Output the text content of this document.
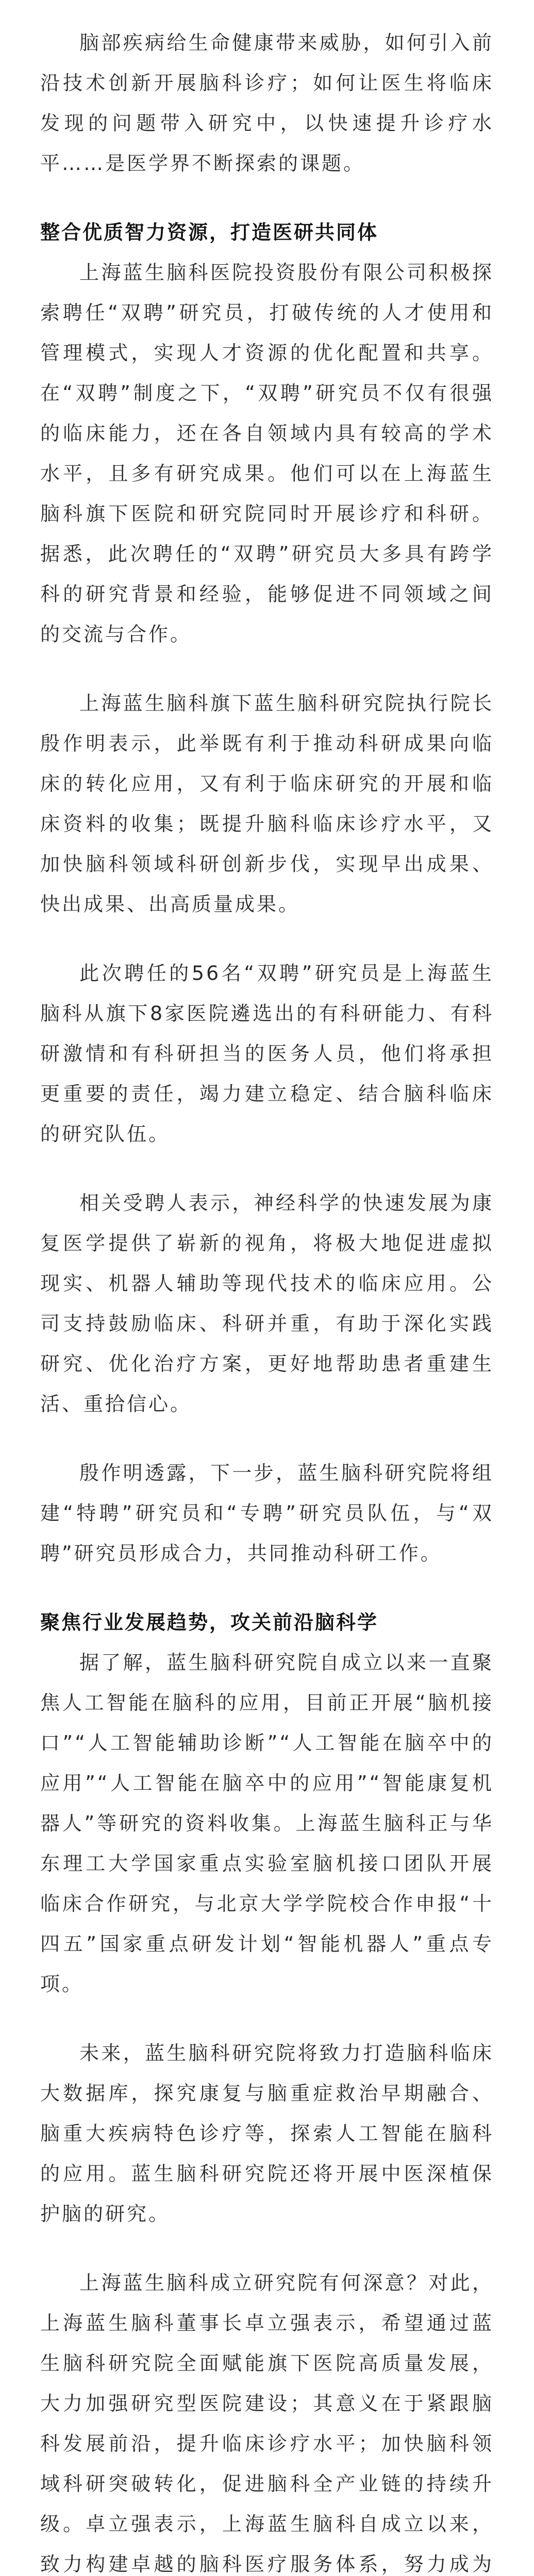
脑部疾病给生命健康带来威胁，如何引入前沿技术创新开展脑科诊疗；如何让医生将临床发现的问题带入研究中，以快速提升诊疗水平……是医学界不断探索的课题。

整合优质智力资源，打造医研共同体

上海蓝生脑科医院投资股份有限公司积极探索聘任“双聘”研究员，打破传统的人才使用和管理模式，实现人才资源的优化配置和共享。在“双聘”制度之下，“双聘”研究员不仅有很强的临床能力，还在各自领域内具有较高的学术水平，且多有研究成果。他们可以在上海蓝生脑科旗下医院和研究院同时开展诊疗和科研。据悉，此次聘任的“双聘”研究员大多具有跨学科的研究背景和经验，能够促进不同领域之间的交流与合作。

上海蓝生脑科旗下蓝生脑科研究院执行院长殷作明表示，此举既有利于推动科研成果向临床的转化应用，又有利于临床研究的开展和临床资料的收集；既提升脑科临床诊疗水平，又加快脑科领域科研创新步伐，实现早出成果、快出成果、出高质量成果。

此次聘任的56名“双聘”研究员是上海蓝生脑科从旗下8家医院遴选出的有科研能力、有科研激情和有科研担当的医务人员，他们将承担更重要的责任，竭力建立稳定、结合脑科临床的研究队伍。

相关受聘人表示，神经科学的快速发展为康复医学提供了崭新的视角，将极大地促进虚拟现实、机器人辅助等现代技术的临床应用。公司支持鼓励临床、科研并重，有助于深化实践研究、优化治疗方案，更好地帮助患者重建生活、重拾信心。

殷作明透露，下一步，蓝生脑科研究院将组建“特聘”研究员和“专聘”研究员队伍，与“双聘”研究员形成合力，共同推动科研工作。

聚焦行业发展趋势，攻关前沿脑科学

据了解，蓝生脑科研究院自成立以来一直聚焦人工智能在脑科的应用，目前正开展“脑机接口”“人工智能辅助诊断”“人工智能在脑卒中的应用”“人工智能在脑卒中的应用”“智能康复机器人”等研究的资料收集。上海蓝生脑科正与华东理工大学国家重点实验室脑机接口团队开展临床合作研究，与北京大学学院校合作申报“十四五”国家重点研发计划“智能机器人”重点专项。

未来，蓝生脑科研究院将致力打造脑科临床大数据库，探究康复与脑重症救治早期融合、脑重大疾病特色诊疗等，探索人工智能在脑科的应用。蓝生脑科研究院还将开展中医深植保护脑的研究。

上海蓝生脑科成立研究院有何深意？对此，上海蓝生脑科董事长卓立强表示，希望通过蓝生脑科研究院全面赋能旗下医院高质量发展，大力加强研究型医院建设；其意义在于紧跟脑科发展前沿，提升临床诊疗水平；加快脑科领域科研突破转化，促进脑科全产业链的持续升级。卓立强表示，上海蓝生脑科自成立以来，致力构建卓越的脑科医疗服务体系，努力成为
